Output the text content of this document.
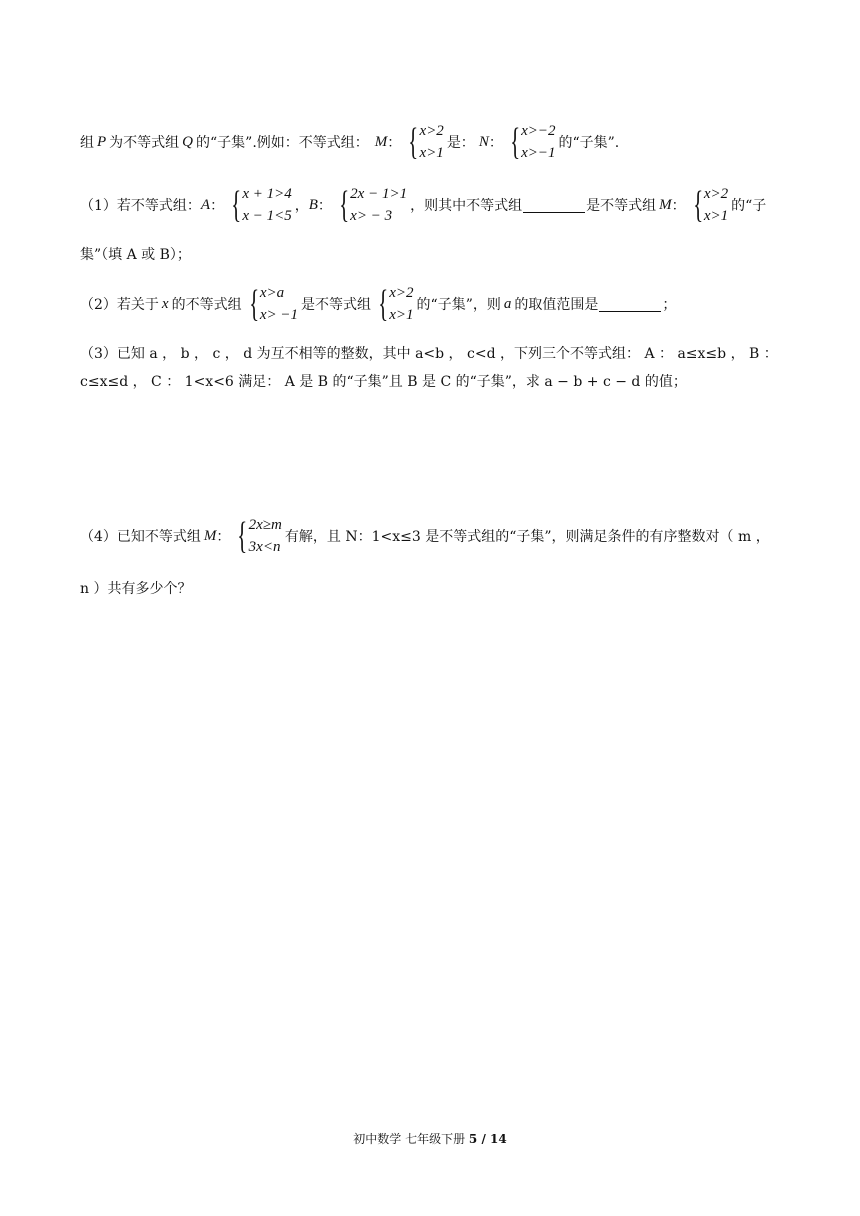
组 P 为不等式组 Q 的“子集”.例如：不等式组： M ： { x>2
x>1
是： N ： { x>−2
x>−1
的“子集”.
（1）若不等式组： A ： { x + 1>4
x − 1<5
， B ： { 2x − 1>1
x> − 3
，则其中不等式组	是不等式组 M ： { x>2
x>1
的“子
集”（填 A 或 B）；
（2）若关于 x 的不等式组 { x>a
x> −1
是不等式组 { x>2
x>1
的“子集”，则 a 的取值范围是	；
（3）已知 a ， b ， c ， d 为互不相等的整数，其中 a<b ， c<d ，下列三个不等式组： A ： a≤x≤b ， B ：
c≤x≤d ， C ： 1<x<6 满足： A 是 B 的“子集”且 B 是 C 的“子集”，求 a − b + c − d 的值；
（4）已知不等式组 M ： { 2x≥m
3x<n
有解，且 N：1<x≤3 是不等式组的“子集”，则满足条件的有序整数对（ m ，
n ）共有多少个？
初中数学 七年级下册 5 / 14
